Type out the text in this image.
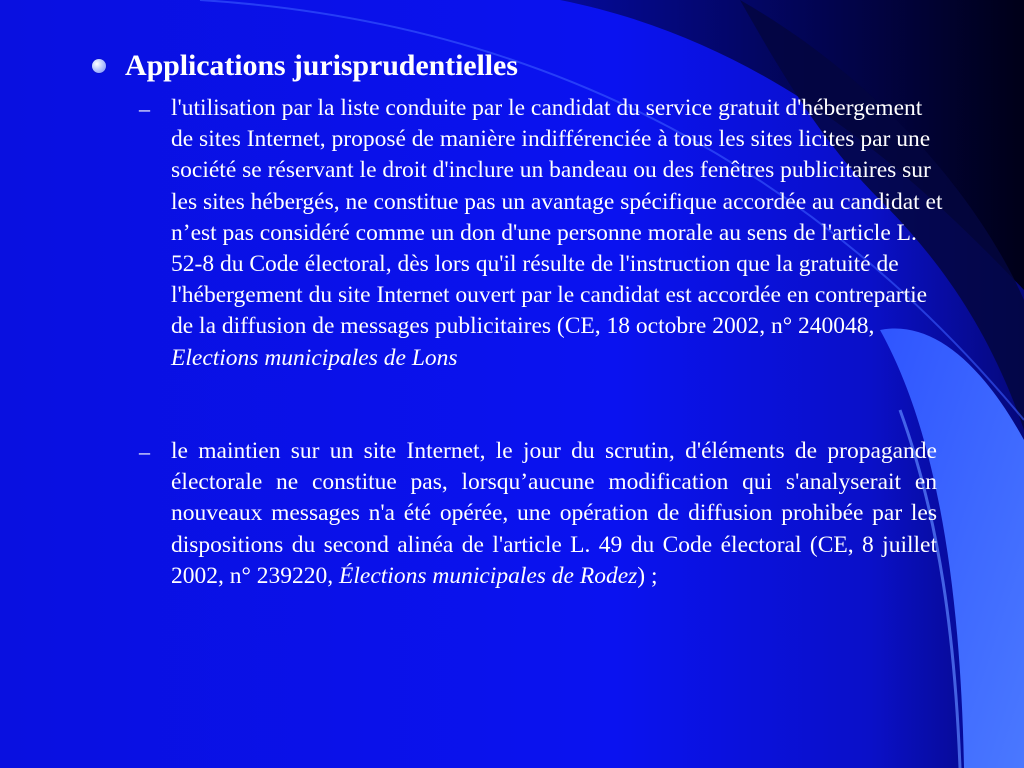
Applications jurisprudentielles
– l'utilisation par la liste conduite par le candidat du service gratuit d'hébergement de sites Internet, proposé de manière indifférenciée à tous les sites licites par une société se réservant le droit d'inclure un bandeau ou des fenêtres publicitaires sur les sites hébergés, ne constitue pas un avantage spécifique accordée au candidat et n’est pas considéré comme un don d'une personne morale au sens de l'article L. 52-8 du Code électoral, dès lors qu'il résulte de l'instruction que la gratuité de l'hébergement du site Internet ouvert par le candidat est accordée en contrepartie de la diffusion de messages publicitaires (CE, 18 octobre 2002, n° 240048, Elections municipales de Lons
– le maintien sur un site Internet, le jour du scrutin, d'éléments de propagande électorale ne constitue pas, lorsqu’aucune modification qui s'analyserait en nouveaux messages n'a été opérée, une opération de diffusion prohibée par les dispositions du second alinéa de l'article L. 49 du Code électoral (CE, 8 juillet 2002, n° 239220, Élections municipales de Rodez) ;
